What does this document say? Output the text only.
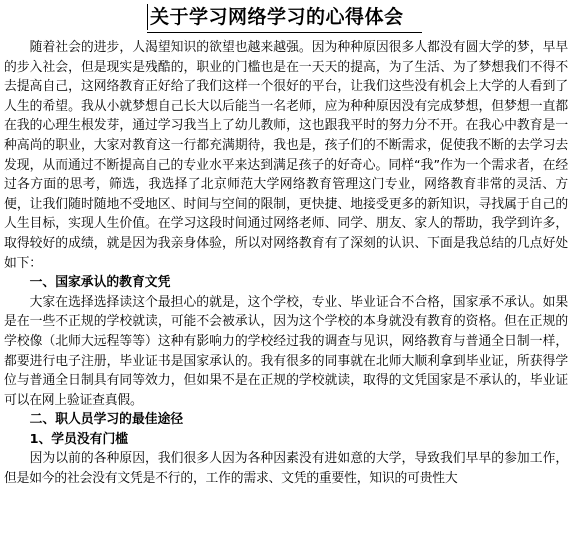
关于学习网络学习的心得体会

随着社会的进步，人渴望知识的欲望也越来越强。因为种种原因很多人都没有圆大学的梦，早早的步入社会，但是现实是残酷的，职业的门槛也是在一天天的提高，为了生活、为了梦想我们不得不去提高自己，这网络教育正好给了我们这样一个很好的平台，让我们这些没有机会上大学的人看到了人生的希望。我从小就梦想自己长大以后能当一名老师，应为种种原因没有完成梦想，但梦想一直都在我的心理生根发芽，通过学习我当上了幼儿教师，这也跟我平时的努力分不开。在我心中教育是一种高尚的职业，大家对教育这一行都充满期待，我也是，孩子们的不断需求，促使我不断的去学习去发现，从而通过不断提高自己的专业水平来达到满足孩子的好奇心。同样“我”作为一个需求者，在经过各方面的思考，筛选，我选择了北京师范大学网络教育管理这门专业，网络教育非常的灵活、方便，让我们随时随地不受地区、时间与空间的限制，更快捷、地接受更多的新知识，寻找属于自己的人生目标，实现人生价值。在学习这段时间通过网络老师、同学、朋友、家人的帮助，我学到许多，取得较好的成绩，就是因为我亲身体验，所以对网络教育有了深刻的认识、下面是我总结的几点好处如下：

一、国家承认的教育文凭

大家在选择选择读这个最担心的就是，这个学校，专业、毕业证合不合格，国家承不承认。如果是在一些不正规的学校就读，可能不会被承认，因为这个学校的本身就没有教育的资格。但在正规的学校像（北师大远程等等）这种有影响力的学校经过我的调查与见识，网络教育与普通全日制一样，都要进行电子注册，毕业证书是国家承认的。我有很多的同事就在北师大顺利拿到毕业证，所获得学位与普通全日制具有同等效力，但如果不是在正规的学校就读，取得的文凭国家是不承认的，毕业证可以在网上验证查真假。

二、职人员学习的最佳途径

1、学员没有门槛

因为以前的各种原因，我们很多人因为各种因素没有进如意的大学，导致我们早早的参加工作，但是如今的社会没有文凭是不行的，工作的需求、文凭的重要性，知识的可贵性大
